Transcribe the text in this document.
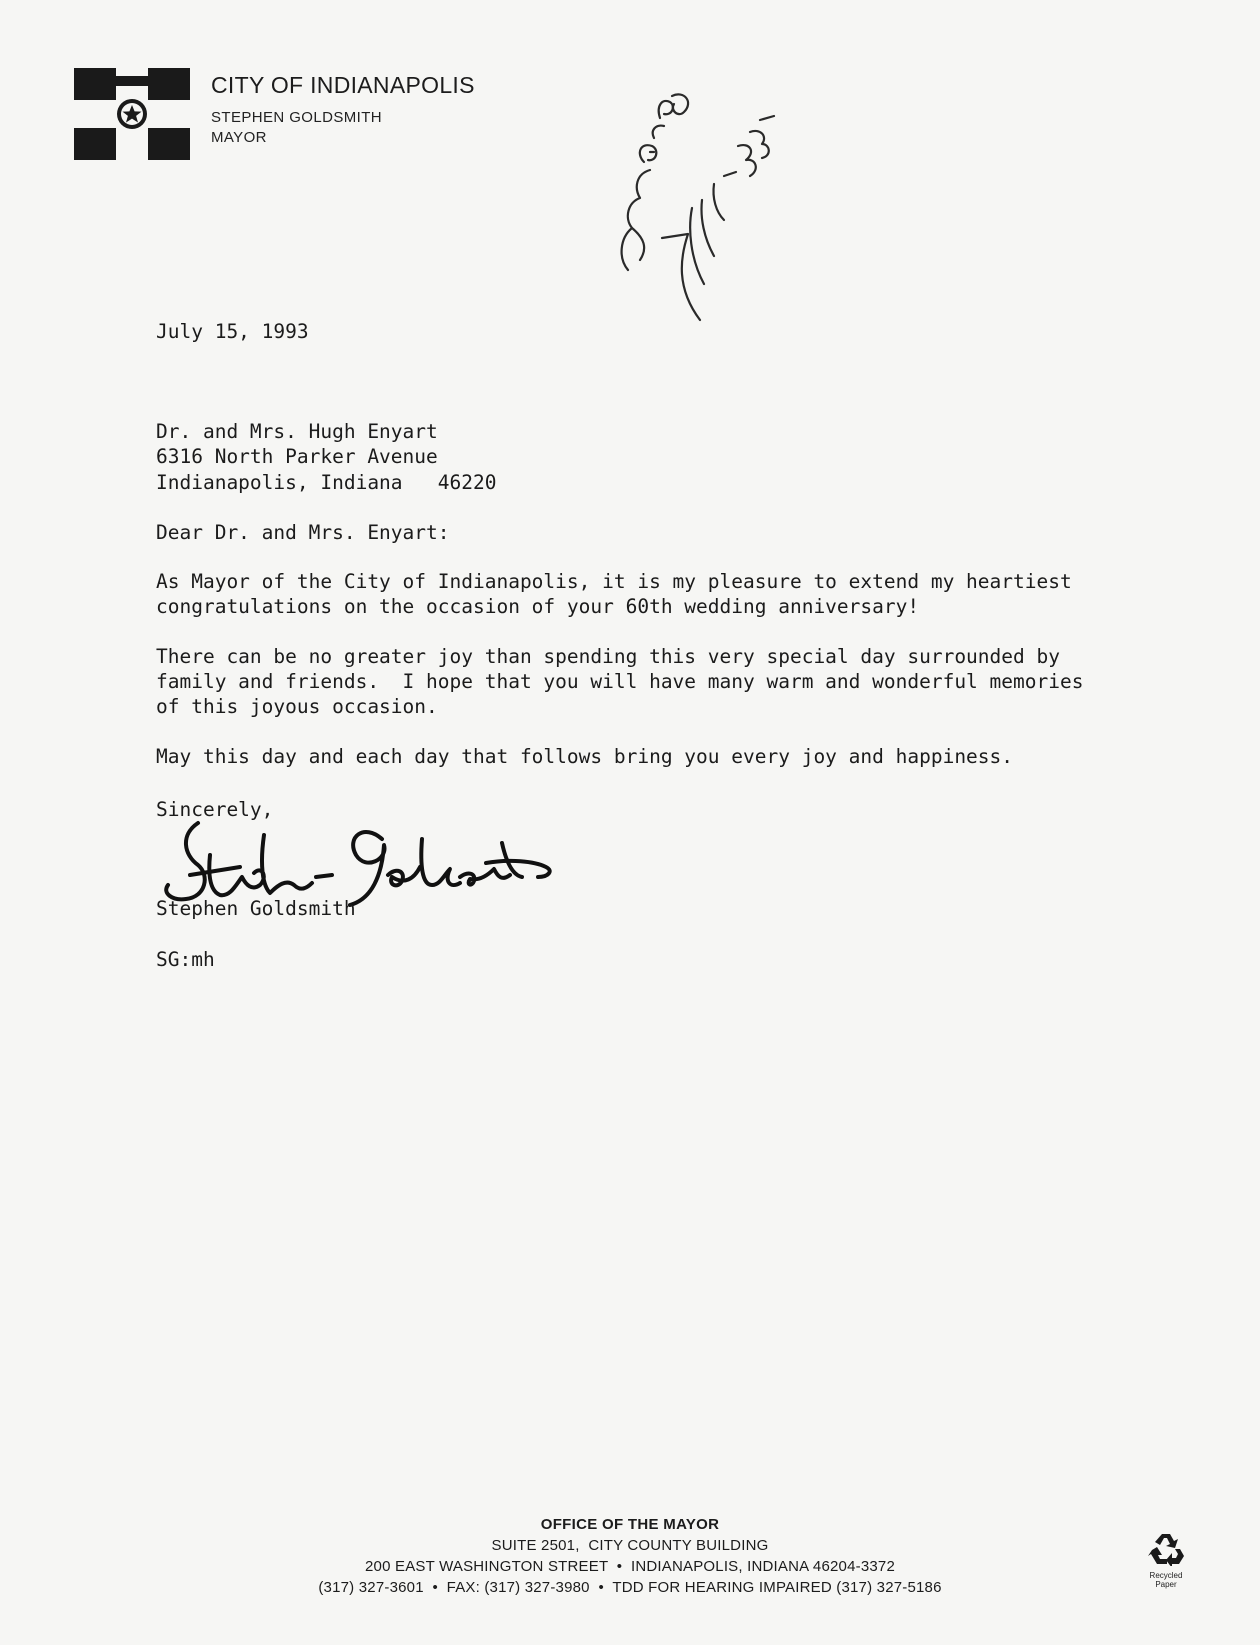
CITY OF INDIANAPOLIS
STEPHEN GOLDSMITH
MAYOR
July 15, 1993
Dr. and Mrs. Hugh Enyart
6316 North Parker Avenue
Indianapolis, Indiana   46220
Dear Dr. and Mrs. Enyart:
As Mayor of the City of Indianapolis, it is my pleasure to extend my heartiest
congratulations on the occasion of your 60th wedding anniversary!
There can be no greater joy than spending this very special day surrounded by
family and friends.  I hope that you will have many warm and wonderful memories
of this joyous occasion.
May this day and each day that follows bring you every joy and happiness.
Sincerely,
Stephen Goldsmith
SG:mh
OFFICE OF THE MAYOR
SUITE 2501,  CITY COUNTY BUILDING
200 EAST WASHINGTON STREET  •  INDIANAPOLIS, INDIANA 46204-3372
(317) 327-3601  •  FAX: (317) 327-3980  •  TDD FOR HEARING IMPAIRED (317) 327-5186
Recycled
Paper
